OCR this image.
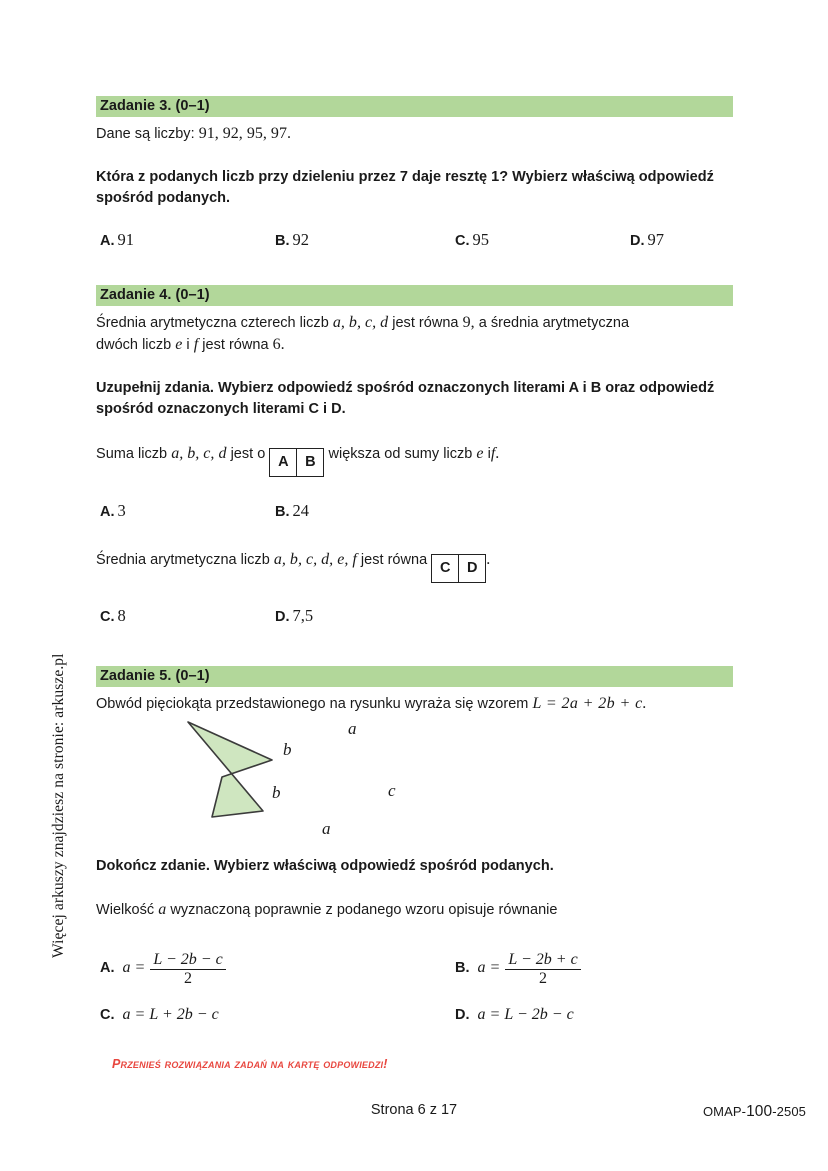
Więcej arkuszy znajdziesz na stronie: arkusze.pl
Zadanie 3. (0–1)
Dane są liczby: 91, 92, 95, 97.
Która z podanych liczb przy dzieleniu przez 7 daje resztę 1? Wybierz właściwą odpowiedź spośród podanych.
A. 91	B. 92	C. 95	D. 97
Zadanie 4. (0–1)
Średnia arytmetyczna czterech liczb a, b, c, d jest równa 9, a średnia arytmetyczna
dwóch liczb e i f jest równa 6.
Uzupełnij zdania. Wybierz odpowiedź spośród oznaczonych literami A i B oraz odpowiedź spośród oznaczonych literami C i D.
Suma liczb a, b, c, d jest o A B większa od sumy liczb e if.
A. 3	B. 24
Średnia arytmetyczna liczb a, b, c, d, e, f jest równa C D .
C. 8	D. 7,5
Zadanie 5. (0–1)
Obwód pięciokąta przedstawionego na rysunku wyraża się wzorem L = 2a + 2b + c.
a
b
b	c
a
Dokończ zdanie. Wybierz właściwą odpowiedź spośród podanych.
Wielkość a wyznaczoną poprawnie z podanego wzoru opisuje równanie
A. $a = \frac{L - 2b - c}{2}$	B. $a = \frac{L - 2b + c}{2}$
C. a = L + 2b − c	D. a = L − 2b − c
Przenieś rozwiązania zadań na kartę odpowiedzi!
Strona 6 z 17	OMAP-100-2505
